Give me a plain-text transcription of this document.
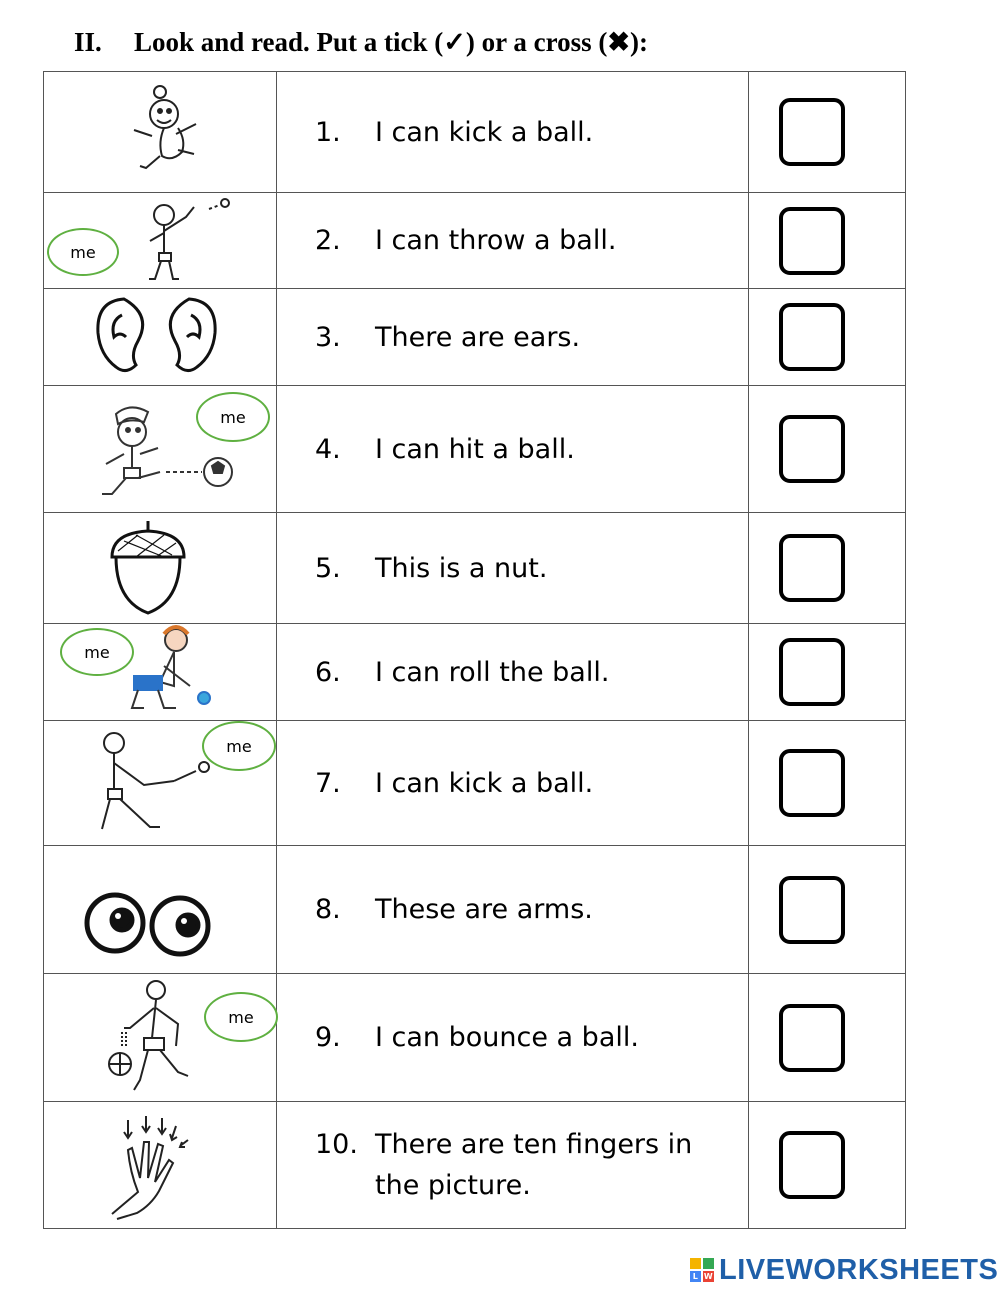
II.	Look and read. Put a tick (✓) or a cross (✖):

1. I can kick a ball.	

me	2. I can throw a ball.	

3. There are ears.	

me	4. I can hit a ball.	

5. This is a nut.	

me	6. I can roll the ball.	

me	7. I can kick a ball.	

8. These are arms.	

me	9. I can bounce a ball.	

10. There are ten fingers in the picture.	

L W LIVEWORKSHEETS
